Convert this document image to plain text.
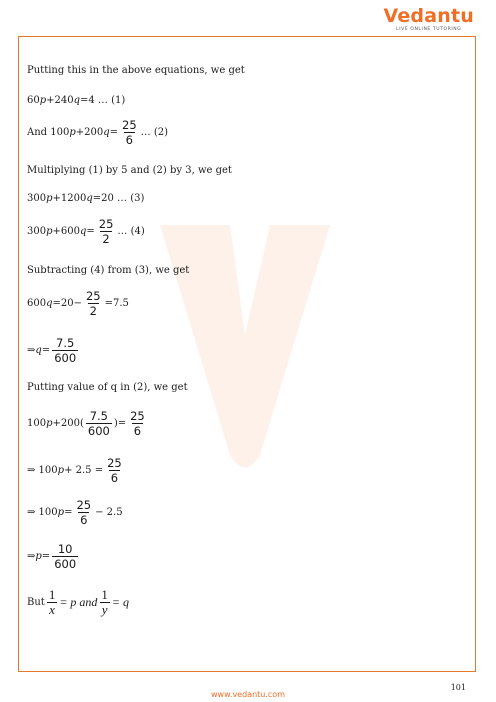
Vedantu
LIVE ONLINE TUTORING
Putting this in the above equations, we get
60 p +240 q =4 … (1)
And 100 p +200 $q = \frac{25}{6}$ … (2)
Multiplying (1) by 5 and (2) by 3, we get
300 p +1200 q =20 … (3)
300 p +600 $q = \frac{25}{2}$ … (4)
Subtracting (4) from (3), we get
600 $q =20- \frac{25}{2} =7.5$
⇒ $q = \frac{7.5}{600}$
Putting value of q in (2), we get
100 $p +200( \frac{7.5}{600}$ )= $\frac{25}{6}$
⇒ 100 $p + 2.5 = \frac{25}{6}$
⇒ 100 $p = \frac{25}{6} - 2.5$
⇒ $p = \frac{10}{600}$
But $\frac{1}{x} = p$ and $\frac{1}{y} = q$
101
www.vedantu.com
